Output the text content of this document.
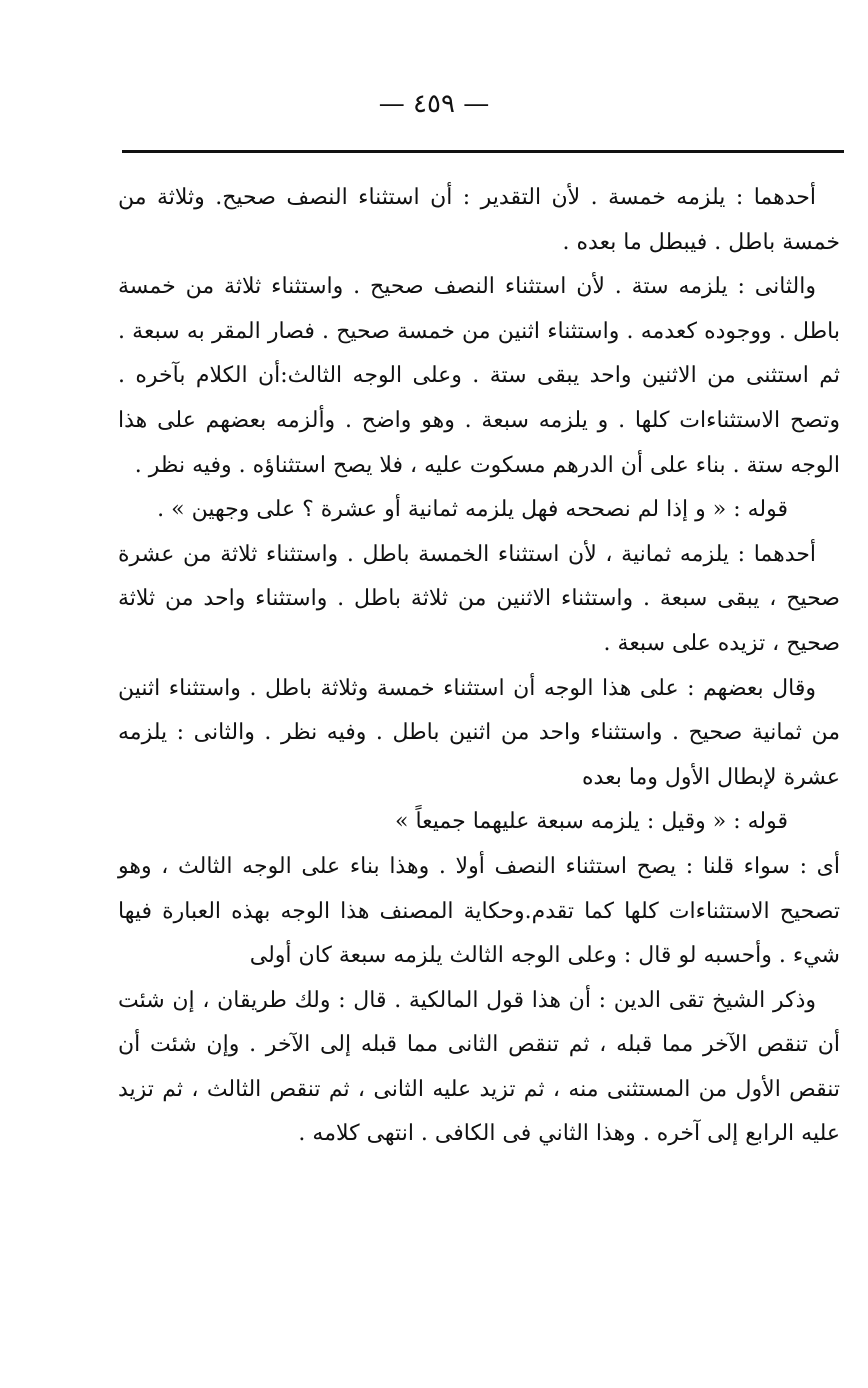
— ٤٥٩ —

أحدهما : يلزمه خمسة . لأن التقدير : أن استثناء النصف صحيح. وثلاثة من خمسة باطل . فيبطل ما بعده .

والثانى : يلزمه ستة . لأن استثناء النصف صحيح . واستثناء ثلاثة من خمسة باطل . ووجوده كعدمه . واستثناء اثنين من خمسة صحيح . فصار المقر به سبعة . ثم استثنى من الاثنين واحد يبقى ستة . وعلى الوجه الثالث:أن الكلام بآخره . وتصح الاستثناءات كلها . و يلزمه سبعة . وهو واضح . وألزمه بعضهم على هذا الوجه ستة . بناء على أن الدرهم مسكوت عليه ، فلا يصح استثناؤه . وفيه نظر .

قوله : « و إذا لم نصححه فهل يلزمه ثمانية أو عشرة ؟ على وجهين » .

أحدهما : يلزمه ثمانية ، لأن استثناء الخمسة باطل . واستثناء ثلاثة من عشرة صحيح ، يبقى سبعة . واستثناء الاثنين من ثلاثة باطل . واستثناء واحد من ثلاثة صحيح ، تزيده على سبعة .

وقال بعضهم : على هذا الوجه أن استثناء خمسة وثلاثة باطل . واستثناء اثنين من ثمانية صحيح . واستثناء واحد من اثنين باطل . وفيه نظر . والثانى : يلزمه عشرة لإبطال الأول وما بعده

قوله : « وقيل : يلزمه سبعة عليهما جميعاً »

أى : سواء قلنا : يصح استثناء النصف أولا . وهذا بناء على الوجه الثالث ، وهو تصحيح الاستثناءات كلها كما تقدم.وحكاية المصنف هذا الوجه بهذه العبارة فيها شيء . وأحسبه لو قال : وعلى الوجه الثالث يلزمه سبعة كان أولى

وذكر الشيخ تقى الدين : أن هذا قول المالكية . قال : ولك طريقان ، إن شئت أن تنقص الآخر مما قبله ، ثم تنقص الثانى مما قبله إلى الآخر . وإن شئت أن تنقص الأول من المستثنى منه ، ثم تزيد عليه الثانى ، ثم تنقص الثالث ، ثم تزيد عليه الرابع إلى آخره . وهذا الثاني فى الكافى . انتهى كلامه .
